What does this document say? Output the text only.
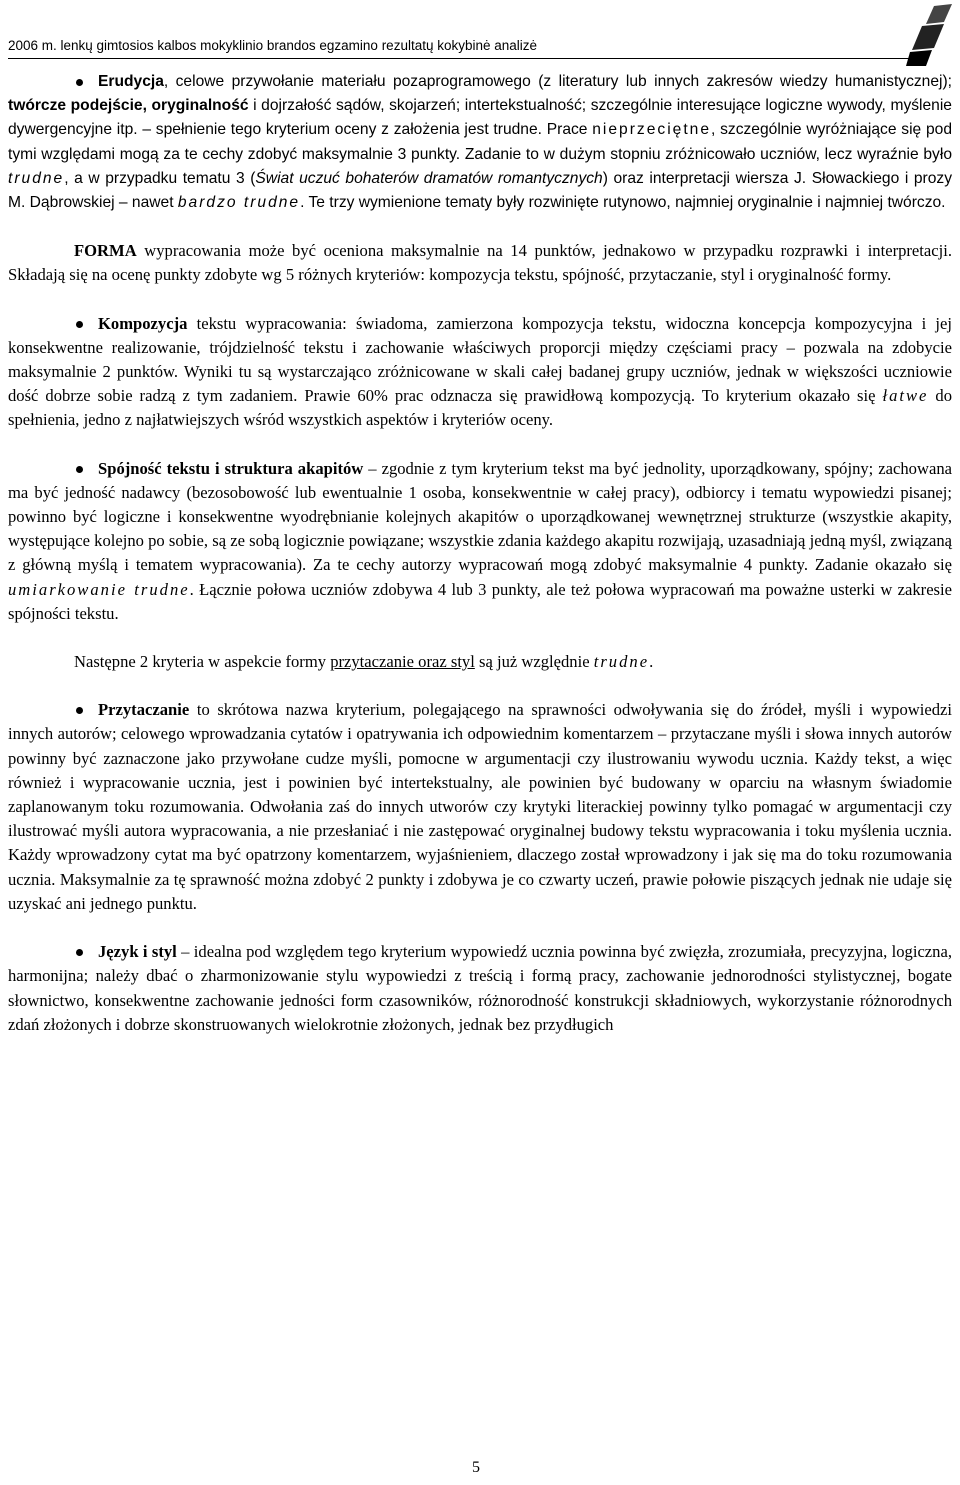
2006 m. lenkų gimtosios kalbos mokyklinio brandos egzamino rezultatų kokybinė analizė

Erudycja, celowe przywołanie materiału pozaprogramowego (z literatury lub innych zakresów wiedzy humanistycznej); twórcze podejście, oryginalność i dojrzałość sądów, skojarzeń; intertekstualność; szczególnie interesujące logiczne wywody, myślenie dywergencyjne itp. – spełnienie tego kryterium oceny z założenia jest trudne. Prace nieprzeciętne, szczególnie wyróżniające się pod tymi względami mogą za te cechy zdobyć maksymalnie 3 punkty. Zadanie to w dużym stopniu zróżnicowało uczniów, lecz wyraźnie było trudne, a w przypadku tematu 3 (Świat uczuć bohaterów dramatów romantycznych) oraz interpretacji wiersza J. Słowackiego i prozy M. Dąbrowskiej – nawet bardzo trudne. Te trzy wymienione tematy były rozwinięte rutynowo, najmniej oryginalnie i najmniej twórczo.

FORMA wypracowania może być oceniona maksymalnie na 14 punktów, jednakowo w przypadku rozprawki i interpretacji. Składają się na ocenę punkty zdobyte wg 5 różnych kryteriów: kompozycja tekstu, spójność, przytaczanie, styl i oryginalność formy.

Kompozycja tekstu wypracowania: świadoma, zamierzona kompozycja tekstu, widoczna koncepcja kompozycyjna i jej konsekwentne realizowanie, trójdzielność tekstu i zachowanie właściwych proporcji między częściami pracy – pozwala na zdobycie maksymalnie 2 punktów. Wyniki tu są wystarczająco zróżnicowane w skali całej badanej grupy uczniów, jednak w większości uczniowie dość dobrze sobie radzą z tym zadaniem. Prawie 60% prac odznacza się prawidłową kompozycją. To kryterium okazało się łatwe do spełnienia, jedno z najłatwiejszych wśród wszystkich aspektów i kryteriów oceny.

Spójność tekstu i struktura akapitów – zgodnie z tym kryterium tekst ma być jednolity, uporządkowany, spójny; zachowana ma być jedność nadawcy (bezosobowość lub ewentualnie 1 osoba, konsekwentnie w całej pracy), odbiorcy i tematu wypowiedzi pisanej; powinno być logiczne i konsekwentne wyodrębnianie kolejnych akapitów o uporządkowanej wewnętrznej strukturze (wszystkie akapity, występujące kolejno po sobie, są ze sobą logicznie powiązane; wszystkie zdania każdego akapitu rozwijają, uzasadniają jedną myśl, związaną z główną myślą i tematem wypracowania). Za te cechy autorzy wypracowań mogą zdobyć maksymalnie 4 punkty. Zadanie okazało się umiarkowanie trudne. Łącznie połowa uczniów zdobywa 4 lub 3 punkty, ale też połowa wypracowań ma poważne usterki w zakresie spójności tekstu.

Następne 2 kryteria w aspekcie formy przytaczanie oraz styl są już względnie trudne.

Przytaczanie to skrótowa nazwa kryterium, polegającego na sprawności odwoływania się do źródeł, myśli i wypowiedzi innych autorów; celowego wprowadzania cytatów i opatrywania ich odpowiednim komentarzem – przytaczane myśli i słowa innych autorów powinny być zaznaczone jako przywołane cudze myśli, pomocne w argumentacji czy ilustrowaniu wywodu ucznia. Każdy tekst, a więc również i wypracowanie ucznia, jest i powinien być intertekstualny, ale powinien być budowany w oparciu na własnym świadomie zaplanowanym toku rozumowania. Odwołania zaś do innych utworów czy krytyki literackiej powinny tylko pomagać w argumentacji czy ilustrować myśli autora wypracowania, a nie przesłaniać i nie zastępować oryginalnej budowy tekstu wypracowania i toku myślenia ucznia. Każdy wprowadzony cytat ma być opatrzony komentarzem, wyjaśnieniem, dlaczego został wprowadzony i jak się ma do toku rozumowania ucznia. Maksymalnie za tę sprawność można zdobyć 2 punkty i zdobywa je co czwarty uczeń, prawie połowie piszących jednak nie udaje się uzyskać ani jednego punktu.

Język i styl – idealna pod względem tego kryterium wypowiedź ucznia powinna być zwięzła, zrozumiała, precyzyjna, logiczna, harmonijna; należy dbać o zharmonizowanie stylu wypowiedzi z treścią i formą pracy, zachowanie jednorodności stylistycznej, bogate słownictwo, konsekwentne zachowanie jedności form czasowników, różnorodność konstrukcji składniowych, wykorzystanie różnorodnych zdań złożonych i dobrze skonstruowanych wielokrotnie złożonych, jednak bez przydługich

5
